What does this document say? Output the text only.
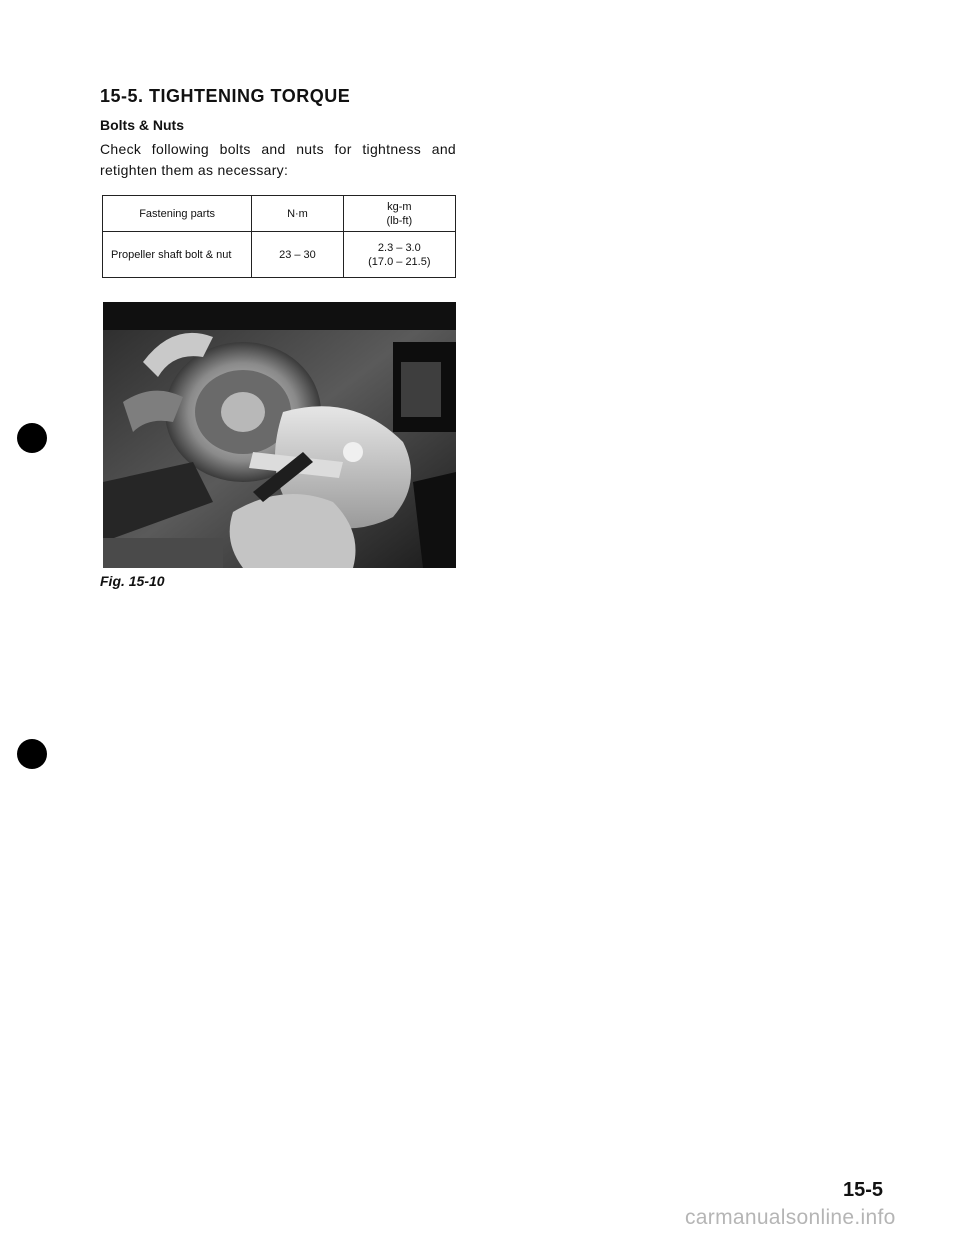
15-5. TIGHTENING TORQUE
Bolts & Nuts

Check following bolts and nuts for tightness and retighten them as necessary:

Fastening parts	N·m	kg-m
(lb-ft)

Propeller shaft bolt & nut	23 – 30	2.3 – 3.0
(17.0 – 21.5)

Fig. 15-10

15-5

carmanualsonline.info
